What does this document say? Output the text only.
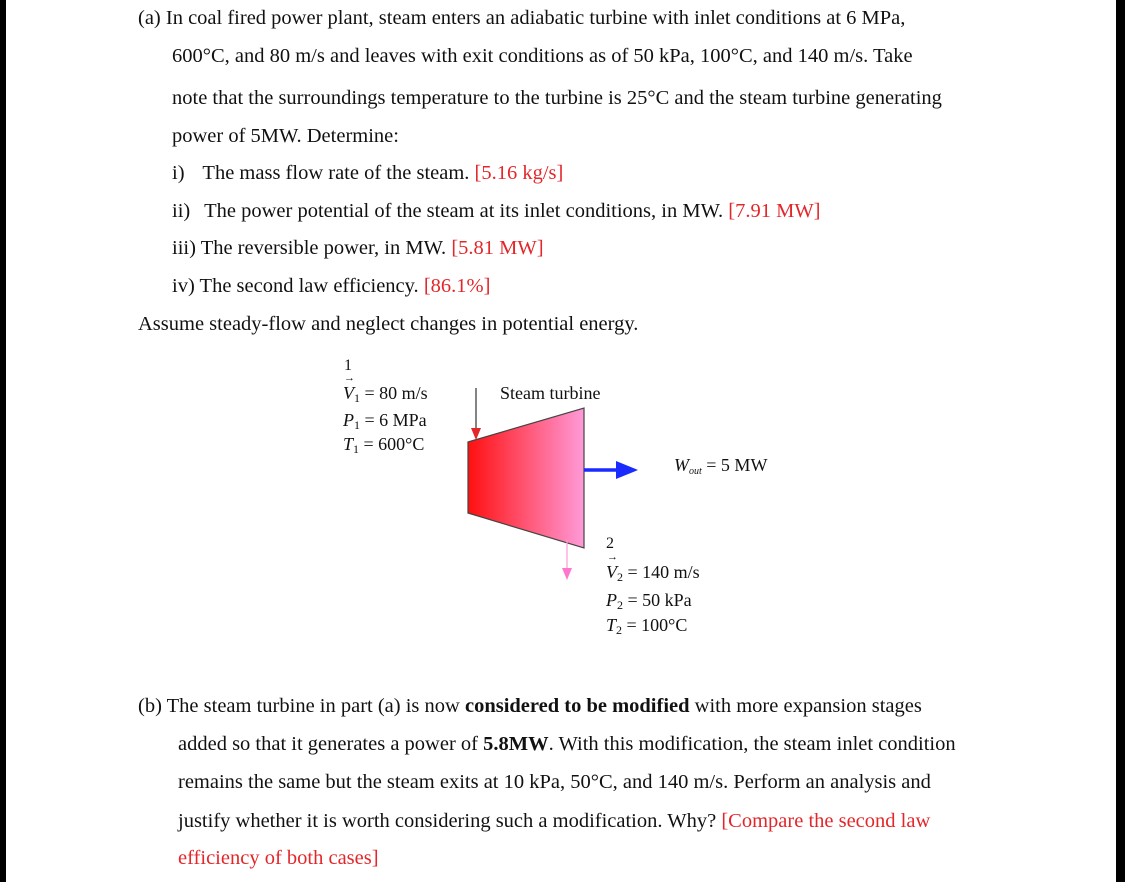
(a) In coal fired power plant, steam enters an adiabatic turbine with inlet conditions at 6 MPa,
600°C, and 80 m/s and leaves with exit conditions as of 50 kPa, 100°C, and 140 m/s. Take
note that the surroundings temperature to the turbine is 25°C and the steam turbine generating
power of 5MW. Determine:
i) The mass flow rate of the steam. [5.16 kg/s]
ii) The power potential of the steam at its inlet conditions, in MW. [7.91 MW]
iii) The reversible power, in MW. [5.81 MW]
iv) The second law efficiency. [86.1%]
Assume steady-flow and neglect changes in potential energy.
Steam turbine
1
→ $V_1 = 80$ m/s
$P_1 = 6$ MPa
$T_1 = 600^\circ C$
$W_{out} = 5$ MW
2
→ $V_2 = 140$ m/s
$P_2 = 50$ kPa
$T_2 = 100^\circ C$
(b) The steam turbine in part (a) is now considered to be modified with more expansion stages
added so that it generates a power of 5.8MW. With this modification, the steam inlet condition
remains the same but the steam exits at 10 kPa, 50°C, and 140 m/s. Perform an analysis and
justify whether it is worth considering such a modification. Why? [Compare the second law
efficiency of both cases]
